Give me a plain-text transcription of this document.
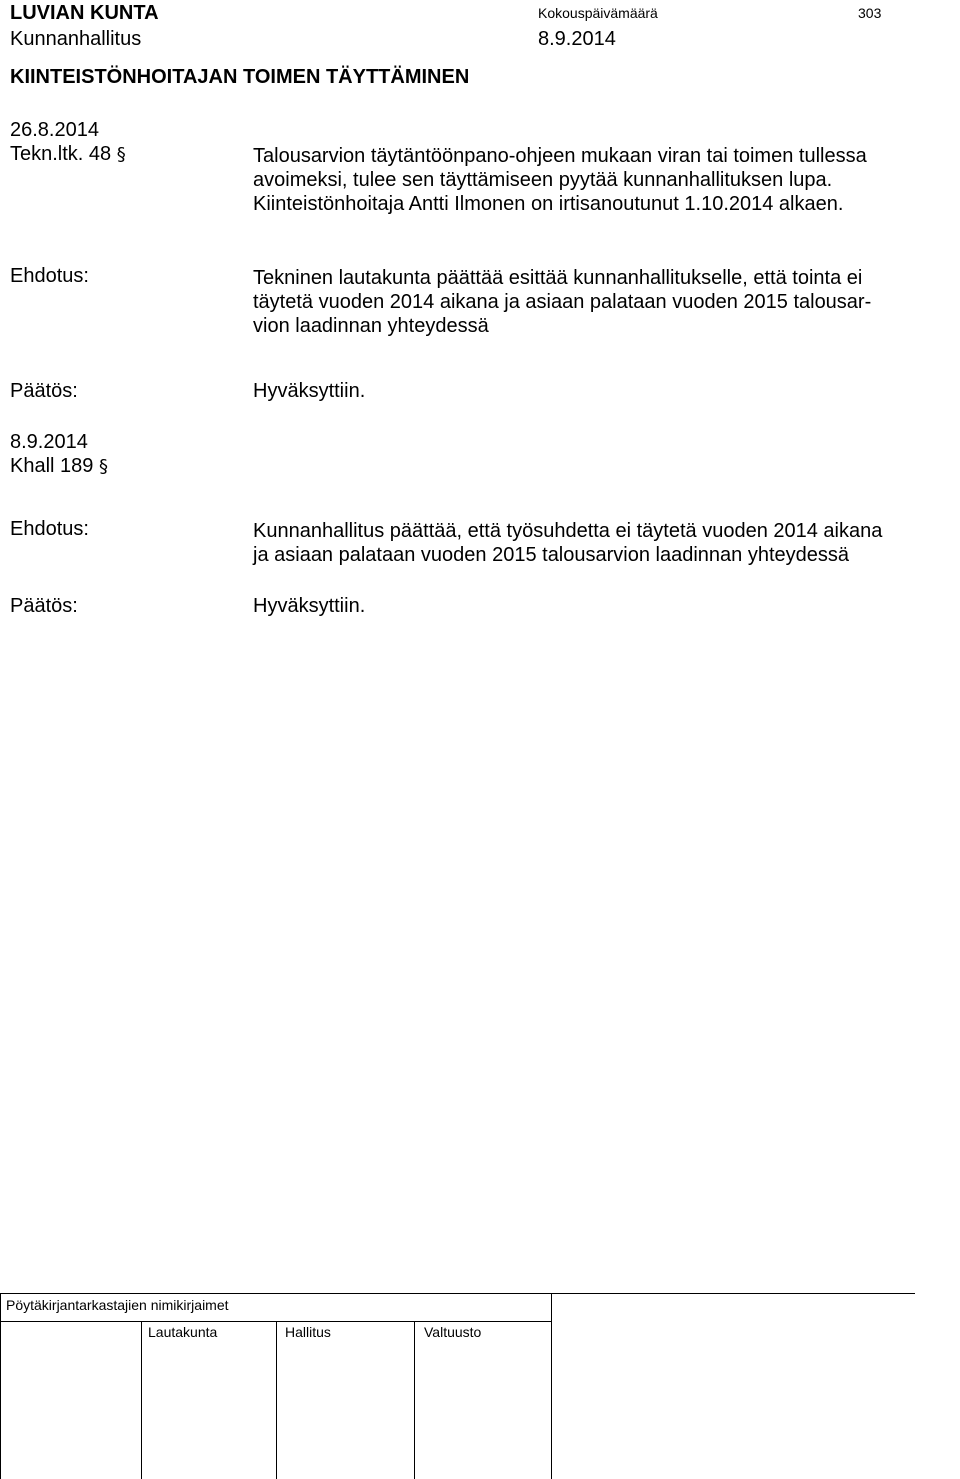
LUVIAN KUNTA	Kokouspäivämäärä	303
Kunnanhallitus	8.9.2014
KIINTEISTÖNHOITAJAN TOIMEN TÄYTTÄMINEN
26.8.2014
Tekn.ltk. 48 §	Talousarvion täytäntöönpano-ohjeen mukaan viran tai toimen tullessa
avoimeksi, tulee sen täyttämiseen pyytää kunnanhallituksen lupa.
Kiinteistönhoitaja Antti Ilmonen on irtisanoutunut 1.10.2014 alkaen.
Ehdotus:	Tekninen lautakunta päättää esittää kunnanhallitukselle, että tointa ei
täytetä vuoden 2014 aikana ja asiaan palataan vuoden 2015 talousar-
vion laadinnan yhteydessä
Päätös:	Hyväksyttiin.
8.9.2014
Khall 189 §
Ehdotus:	Kunnanhallitus päättää, että työsuhdetta ei täytetä vuoden 2014 aikana
ja asiaan palataan vuoden 2015 talousarvion laadinnan yhteydessä
Päätös:	Hyväksyttiin.
Pöytäkirjantarkastajien nimikirjaimet
Lautakunta	Hallitus	Valtuusto
